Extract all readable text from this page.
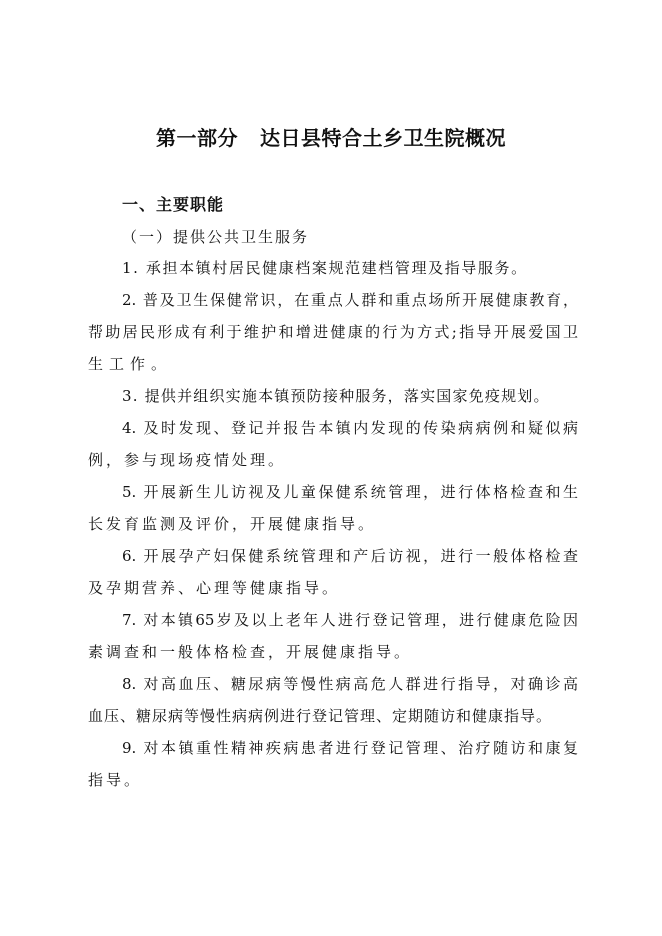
第一部分 达日县特合土乡卫生院概况
一、主要职能
（一）提供公共卫生服务
1. 承担本镇村居民健康档案规范建档管理及指导服务。
2. 普及卫生保健常识，在重点人群和重点场所开展健康教育，
帮助居民形成有利于维护和增进健康的行为方式;指导开展爱国卫
生工作。
3. 提供并组织实施本镇预防接种服务，落实国家免疫规划。
4. 及时发现、登记并报告本镇内发现的传染病病例和疑似病
例，参与现场疫情处理。
5. 开展新生儿访视及儿童保健系统管理，进行体格检查和生
长发育监测及评价，开展健康指导。
6. 开展孕产妇保健系统管理和产后访视，进行一般体格检查
及孕期营养、心理等健康指导。
7. 对本镇65岁及以上老年人进行登记管理，进行健康危险因
素调查和一般体格检查，开展健康指导。
8. 对高血压、糖尿病等慢性病高危人群进行指导，对确诊高
血压、糖尿病等慢性病病例进行登记管理、定期随访和健康指导。
9. 对本镇重性精神疾病患者进行登记管理、治疗随访和康复
指导。
